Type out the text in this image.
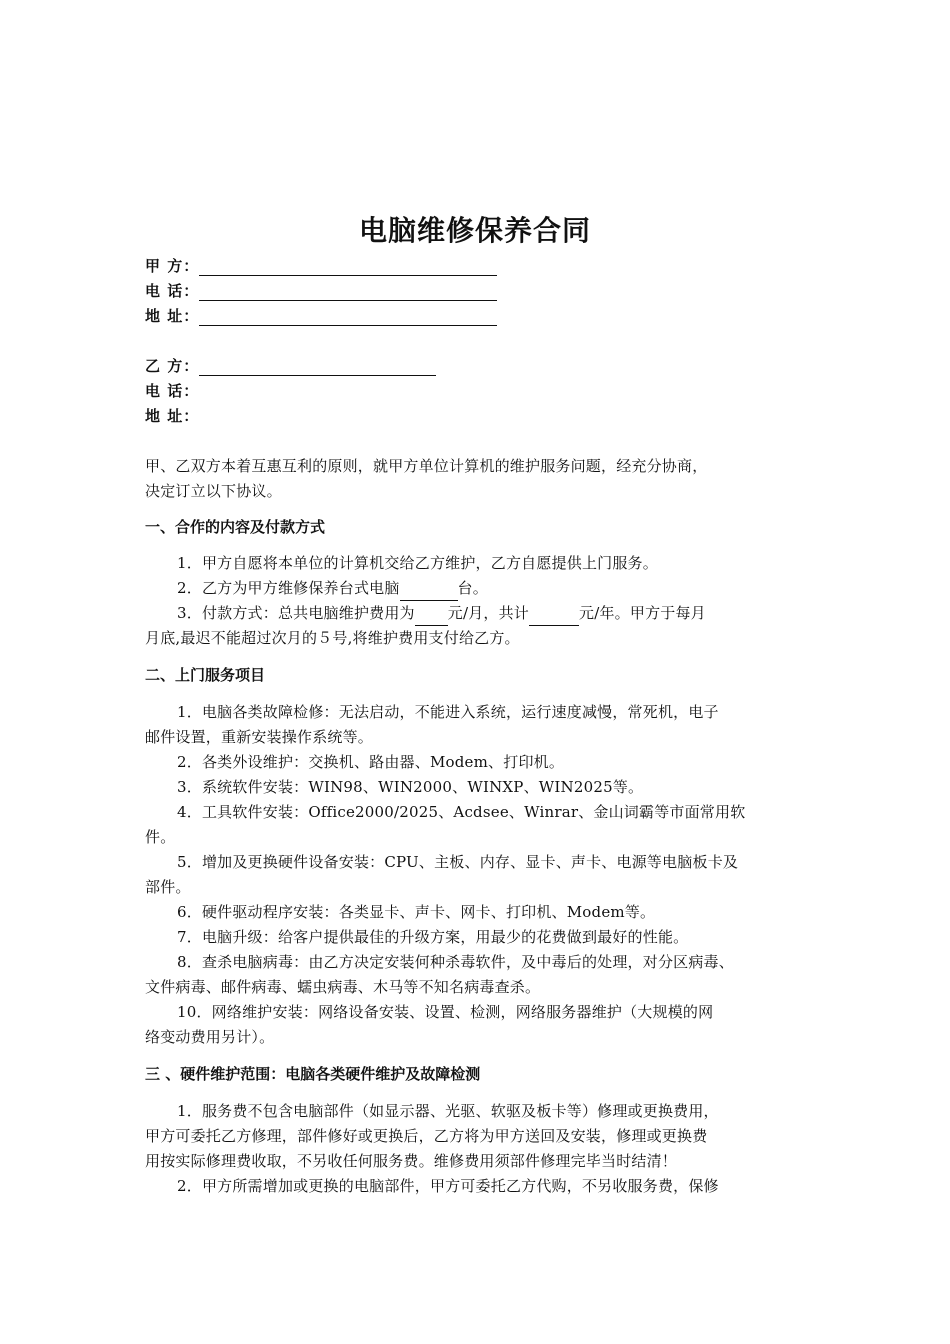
电脑维修保养合同
甲 方：
电 话：
地 址：
乙 方：
电 话：
地 址：
甲、乙双方本着互惠互利的原则，就甲方单位计算机的维护服务问题，经充分协商，
决定订立以下协议。
一、合作的内容及付款方式
1．甲方自愿将本单位的计算机交给乙方维护，乙方自愿提供上门服务。
2．乙方为甲方维修保养台式电脑	台。
3．付款方式：总共电脑维护费用为 元/月，共计	元/年。甲方于每月
月底,最迟不能超过次月的５号,将维护费用支付给乙方。
二、上门服务项目
1．电脑各类故障检修：无法启动，不能进入系统，运行速度减慢，常死机，电子
邮件设置，重新安装操作系统等。
2．各类外设维护：交换机、路由器、Modem、打印机。
3．系统软件安装：WIN98、WIN2000、WINXP、WIN2025等。
4．工具软件安装：Office2000/2025、Acdsee、Winrar、金山词霸等市面常用软
件。
5．增加及更换硬件设备安装：CPU、主板、内存、显卡、声卡、电源等电脑板卡及
部件。
6．硬件驱动程序安装：各类显卡、声卡、网卡、打印机、Modem等。
7．电脑升级：给客户提供最佳的升级方案，用最少的花费做到最好的性能。
8．查杀电脑病毒：由乙方决定安装何种杀毒软件，及中毒后的处理，对分区病毒、
文件病毒、邮件病毒、蠕虫病毒、木马等不知名病毒查杀。
10．网络维护安装：网络设备安装、设置、检测，网络服务器维护（大规模的网
络变动费用另计）。
三 、硬件维护范围：电脑各类硬件维护及故障检测
1．服务费不包含电脑部件（如显示器、光驱、软驱及板卡等）修理或更换费用，
甲方可委托乙方修理，部件修好或更换后，乙方将为甲方送回及安装，修理或更换费
用按实际修理费收取，不另收任何服务费。维修费用须部件修理完毕当时结清！
2．甲方所需增加或更换的电脑部件，甲方可委托乙方代购，不另收服务费，保修
